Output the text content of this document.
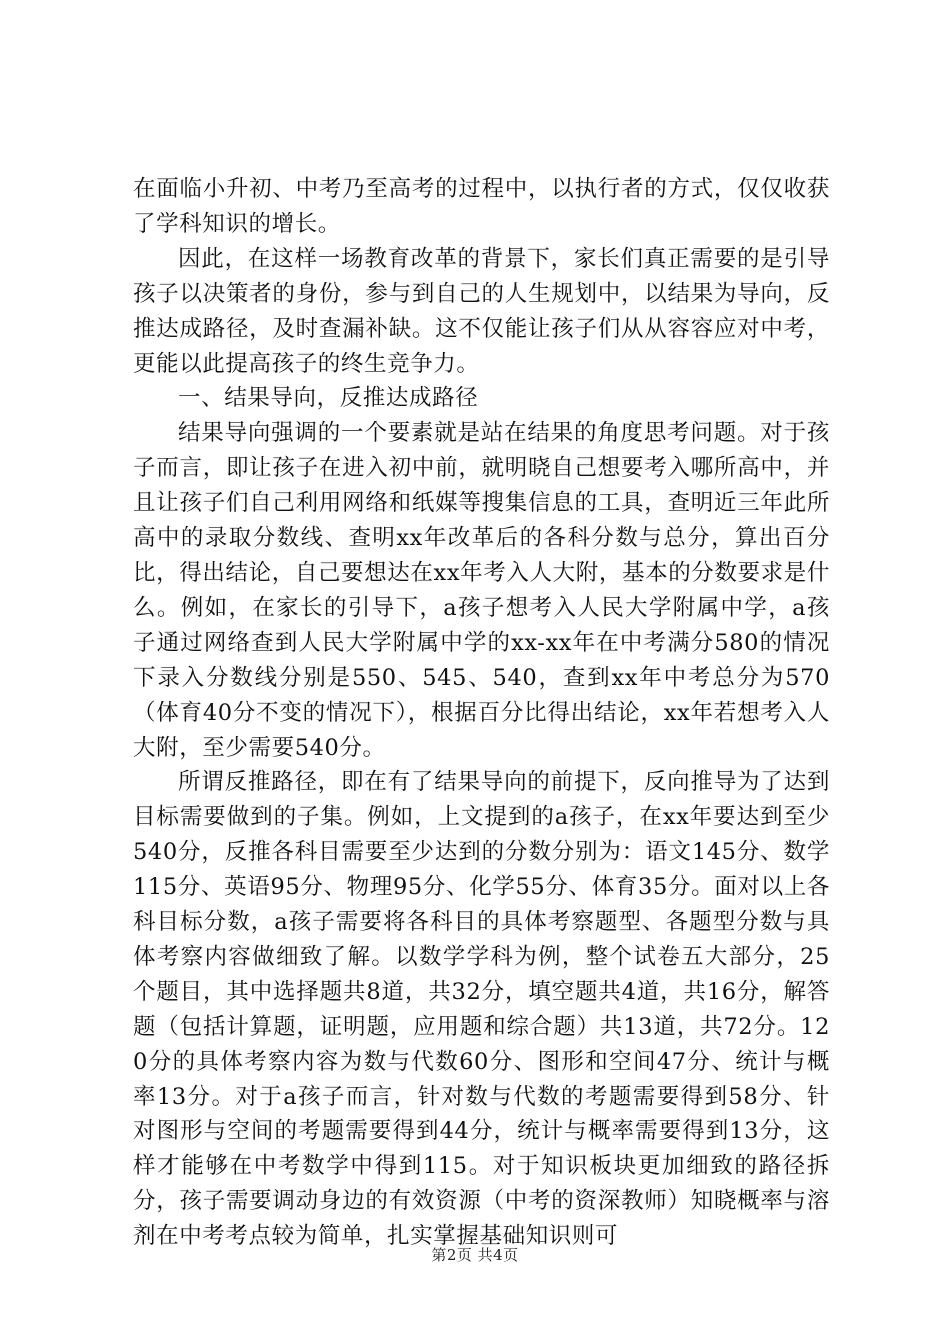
在面临小升初、中考乃至高考的过程中，以执行者的方式，仅仅收获了学科知识的增长。

因此，在这样一场教育改革的背景下，家长们真正需要的是引导孩子以决策者的身份，参与到自己的人生规划中，以结果为导向，反推达成路径，及时查漏补缺。这不仅能让孩子们从从容容应对中考，更能以此提高孩子的终生竞争力。

一、结果导向，反推达成路径

结果导向强调的一个要素就是站在结果的角度思考问题。对于孩子而言，即让孩子在进入初中前，就明晓自己想要考入哪所高中，并且让孩子们自己利用网络和纸媒等搜集信息的工具，查明近三年此所高中的录取分数线、查明xx年改革后的各科分数与总分，算出百分比，得出结论，自己要想达在xx年考入人大附，基本的分数要求是什么。例如，在家长的引导下，a孩子想考入人民大学附属中学，a孩子通过网络查到人民大学附属中学的xx-xx年在中考满分580的情况下录入分数线分别是550、545、540，查到xx年中考总分为570（体育40分不变的情况下），根据百分比得出结论，xx年若想考入人大附，至少需要540分。

所谓反推路径，即在有了结果导向的前提下，反向推导为了达到目标需要做到的子集。例如，上文提到的a孩子，在xx年要达到至少540分，反推各科目需要至少达到的分数分别为：语文145分、数学115分、英语95分、物理95分、化学55分、体育35分。面对以上各科目标分数，a孩子需要将各科目的具体考察题型、各题型分数与具体考察内容做细致了解。以数学学科为例，整个试卷五大部分，25个题目，其中选择题共8道，共32分，填空题共4道，共16分，解答题（包括计算题，证明题，应用题和综合题）共13道，共72分。120分的具体考察内容为数与代数60分、图形和空间47分、统计与概率13分。对于a孩子而言，针对数与代数的考题需要得到58分、针对图形与空间的考题需要得到44分，统计与概率需要得到13分，这样才能够在中考数学中得到115。对于知识板块更加细致的路径拆分，孩子需要调动身边的有效资源（中考的资深教师）知晓概率与溶剂在中考考点较为简单，扎实掌握基础知识则可

第2页 共4页
